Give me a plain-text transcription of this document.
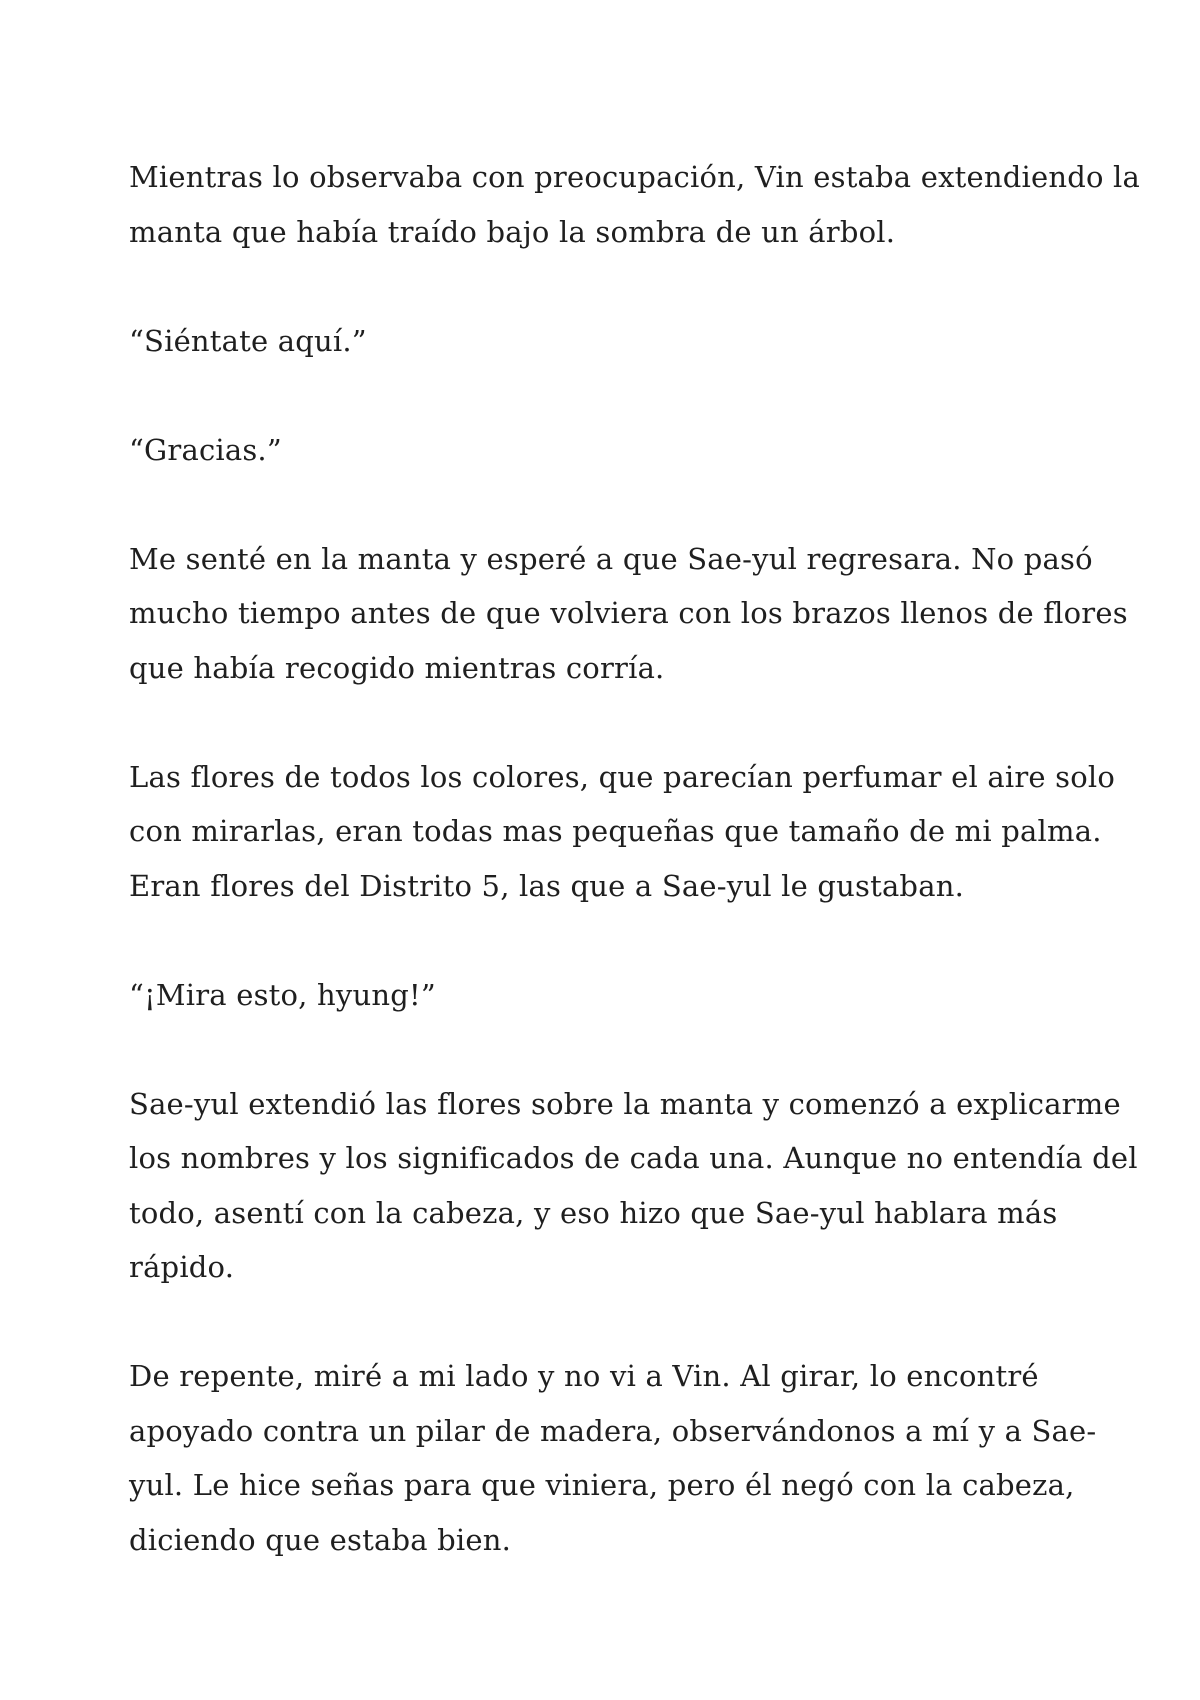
Mientras lo observaba con preocupación, Vin estaba extendiendo la
manta que había traído bajo la sombra de un árbol.

“Siéntate aquí.”

“Gracias.”

Me senté en la manta y esperé a que Sae-yul regresara. No pasó
mucho tiempo antes de que volviera con los brazos llenos de flores
que había recogido mientras corría.

Las flores de todos los colores, que parecían perfumar el aire solo
con mirarlas, eran todas mas pequeñas que tamaño de mi palma.
Eran flores del Distrito 5, las que a Sae-yul le gustaban.

“¡Mira esto, hyung!”

Sae-yul extendió las flores sobre la manta y comenzó a explicarme
los nombres y los significados de cada una. Aunque no entendía del
todo, asentí con la cabeza, y eso hizo que Sae-yul hablara más
rápido.

De repente, miré a mi lado y no vi a Vin. Al girar, lo encontré
apoyado contra un pilar de madera, observándonos a mí y a Sae-
yul. Le hice señas para que viniera, pero él negó con la cabeza,
diciendo que estaba bien.
